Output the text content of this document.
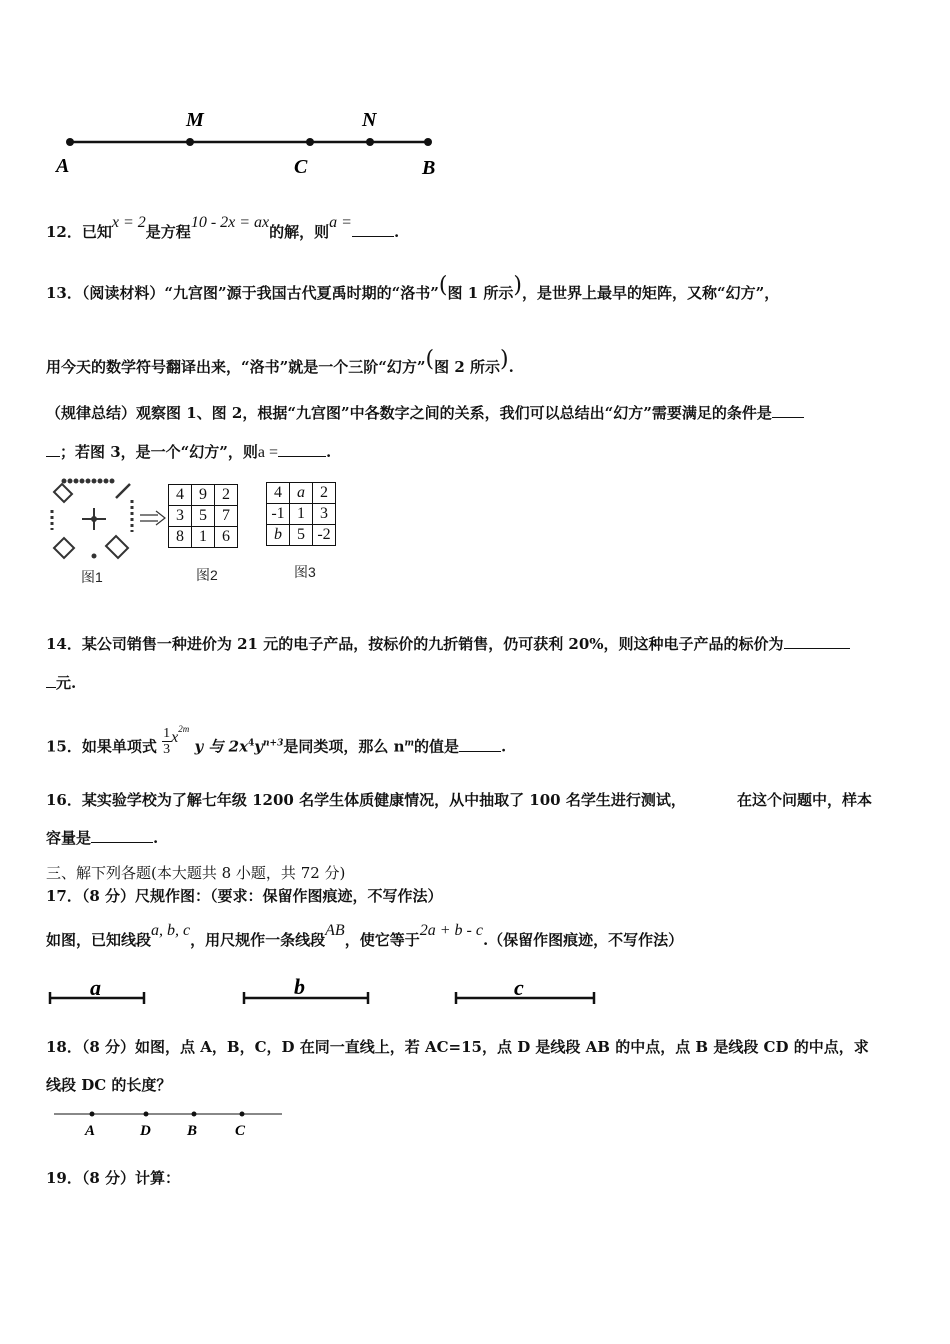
A
M
C
N
B
12．已知x = 2是方程10 - 2x = ax的解，则a =.
13．（阅读材料）“九宫图”源于我国古代夏禹时期的“洛书”(图 1 所示)，是世界上最早的矩阵，又称“幻方”，
用今天的数学符号翻译出来，“洛书”就是一个三阶“幻方”(图 2 所示).
（规律总结）观察图 1、图 2，根据“九宫图”中各数字之间的关系，我们可以总结出“幻方”需要满足的条件是
；若图 3，是一个“幻方”，则a =	.
图1
4	9	2
3	5	7
8	1	6
图2
4	a	2
-1	1	3
b	5	-2
图3
14．某公司销售一种进价为 21 元的电子产品，按标价的九折销售，仍可获利 20%，则这种电子产品的标价为
元.
15．如果单项式 $\frac{1}{3} x^{2m}$ y 与 $2x^4y^{n+3}$是同类项，那么 $n^m$的值是	.
16．某实验学校为了解七年级 1200 名学生体质健康情况，从中抽取了 100 名学生进行测试，	在这个问题中，样本
容量是	.
三、解下列各题(本大题共 8 小题，共 72 分)
17．（8 分）尺规作图：（要求：保留作图痕迹，不写作法）
如图，已知线段a, b, c，用尺规作一条线段AB，使它等于2a + b - c.（保留作图痕迹，不写作法）
a	b	c
18．（8 分）如图，点 A，B，C，D 在同一直线上，若 AC=15，点 D 是线段 AB 的中点，点 B 是线段 CD 的中点，求
线段 DC 的长度？
A	D B	C
19．（8 分）计算：
